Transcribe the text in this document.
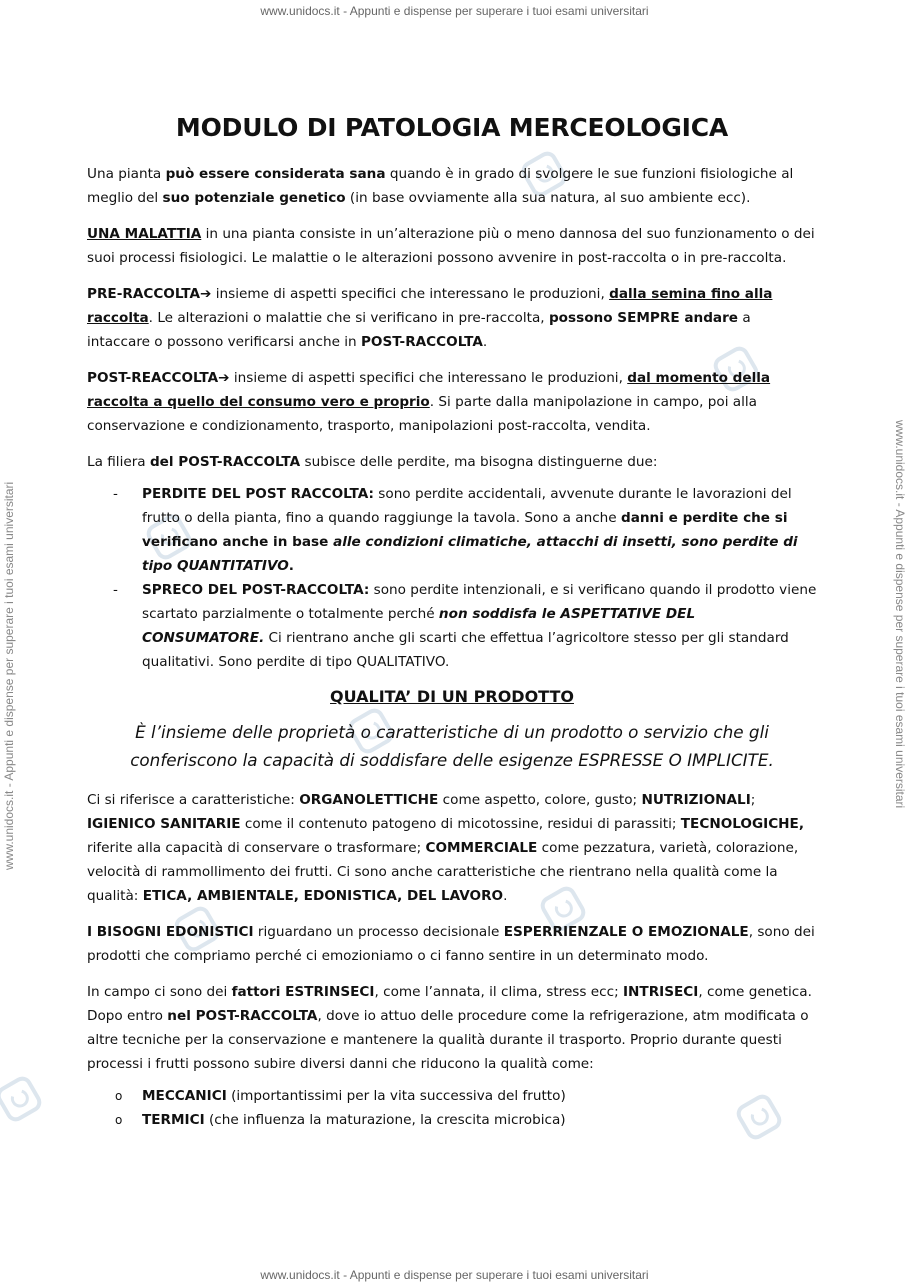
www.unidocs.it - Appunti e dispense per superare i tuoi esami universitari
www.unidocs.it - Appunti e dispense per superare i tuoi esami universitari
www.unidocs.it - Appunti e dispense per superare i tuoi esami universitari	www.unidocs.it - Appunti e dispense per superare i tuoi esami universitari
MODULO DI PATOLOGIA MERCEOLOGICA

Una pianta può essere considerata sana quando è in grado di svolgere le sue funzioni fisiologiche al meglio del suo potenziale genetico (in base ovviamente alla sua natura, al suo ambiente ecc).

UNA MALATTIA in una pianta consiste in un’alterazione più o meno dannosa del suo funzionamento o dei suoi processi fisiologici. Le malattie o le alterazioni possono avvenire in post-raccolta o in pre-raccolta.

PRE-RACCOLTA➔ insieme di aspetti specifici che interessano le produzioni, dalla semina fino alla raccolta. Le alterazioni o malattie che si verificano in pre-raccolta, possono SEMPRE andare a intaccare o possono verificarsi anche in POST-RACCOLTA.

POST-REACCOLTA➔ insieme di aspetti specifici che interessano le produzioni, dal momento della raccolta a quello del consumo vero e proprio. Si parte dalla manipolazione in campo, poi alla conservazione e condizionamento, trasporto, manipolazioni post-raccolta, vendita.

La filiera del POST-RACCOLTA subisce delle perdite, ma bisogna distinguerne due:

- PERDITE DEL POST RACCOLTA: sono perdite accidentali, avvenute durante le lavorazioni del frutto o della pianta, fino a quando raggiunge la tavola. Sono a anche danni e perdite che si verificano anche in base alle condizioni climatiche, attacchi di insetti, sono perdite di tipo QUANTITATIVO.
- SPRECO DEL POST-RACCOLTA: sono perdite intenzionali, e si verificano quando il prodotto viene scartato parzialmente o totalmente perché non soddisfa le ASPETTATIVE DEL CONSUMATORE. Ci rientrano anche gli scarti che effettua l’agricoltore stesso per gli standard qualitativi. Sono perdite di tipo QUALITATIVO.
QUALITA’ DI UN PRODOTTO
È l’insieme delle proprietà o caratteristiche di un prodotto o servizio che gli conferiscono la capacità di soddisfare delle esigenze ESPRESSE O IMPLICITE.

Ci si riferisce a caratteristiche: ORGANOLETTICHE come aspetto, colore, gusto; NUTRIZIONALI; IGIENICO SANITARIE come il contenuto patogeno di micotossine, residui di parassiti; TECNOLOGICHE, riferite alla capacità di conservare o trasformare; COMMERCIALE come pezzatura, varietà, colorazione, velocità di rammollimento dei frutti. Ci sono anche caratteristiche che rientrano nella qualità come la qualità: ETICA, AMBIENTALE, EDONISTICA, DEL LAVORO.

I BISOGNI EDONISTICI riguardano un processo decisionale ESPERRIENZALE O EMOZIONALE, sono dei prodotti che compriamo perché ci emozioniamo o ci fanno sentire in un determinato modo.

In campo ci sono dei fattori ESTRINSECI, come l’annata, il clima, stress ecc; INTRISECI, come genetica. Dopo entro nel POST-RACCOLTA, dove io attuo delle procedure come la refrigerazione, atm modificata o altre tecniche per la conservazione e mantenere la qualità durante il trasporto. Proprio durante questi processi i frutti possono subire diversi danni che riducono la qualità come:

o MECCANICI (importantissimi per la vita successiva del frutto)
o TERMICI (che influenza la maturazione, la crescita microbica)
